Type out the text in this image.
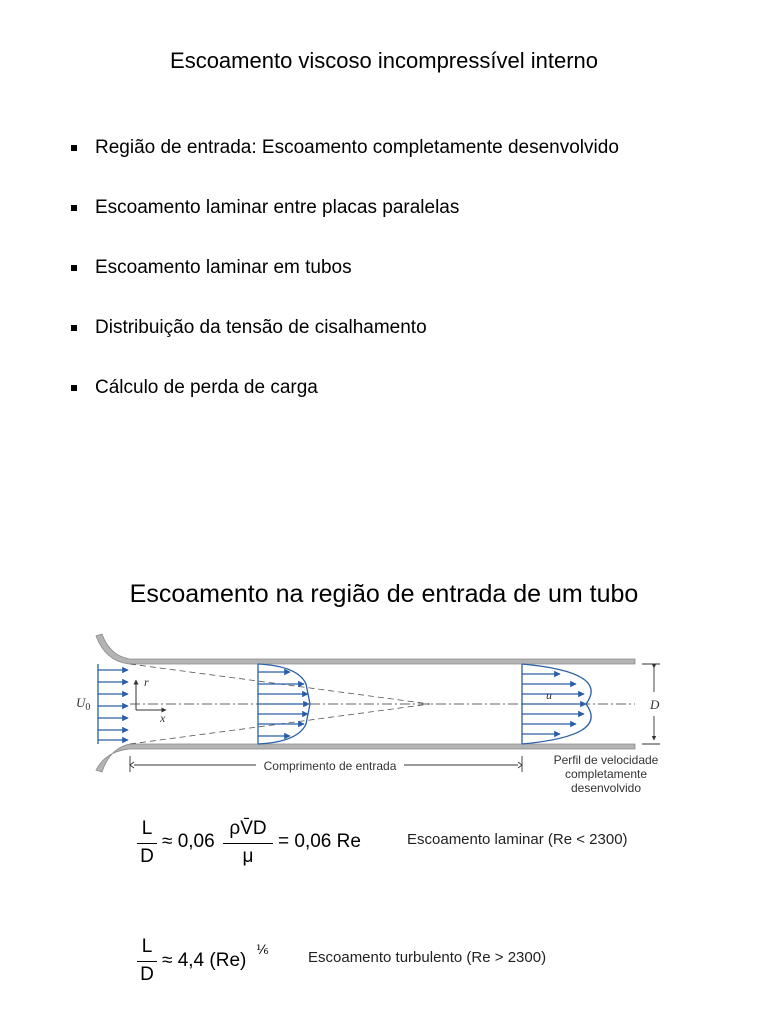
Escoamento viscoso incompressível interno
Região de entrada: Escoamento completamente desenvolvido
Escoamento laminar entre placas paralelas
Escoamento laminar em tubos
Distribuição da tensão de cisalhamento
Cálculo de perda de carga
Escoamento na região de entrada de um tubo
$U_0$
r
x
u
D
Comprimento de entrada	Perfil de velocidade
completamente
desenvolvido
L
D
≈ 0,06
ρV̄D
μ
= 0,06 Re	Escoamento laminar (Re < 2300)
L
D
≈ 4,4 (Re)
⅙	Escoamento turbulento (Re > 2300)
